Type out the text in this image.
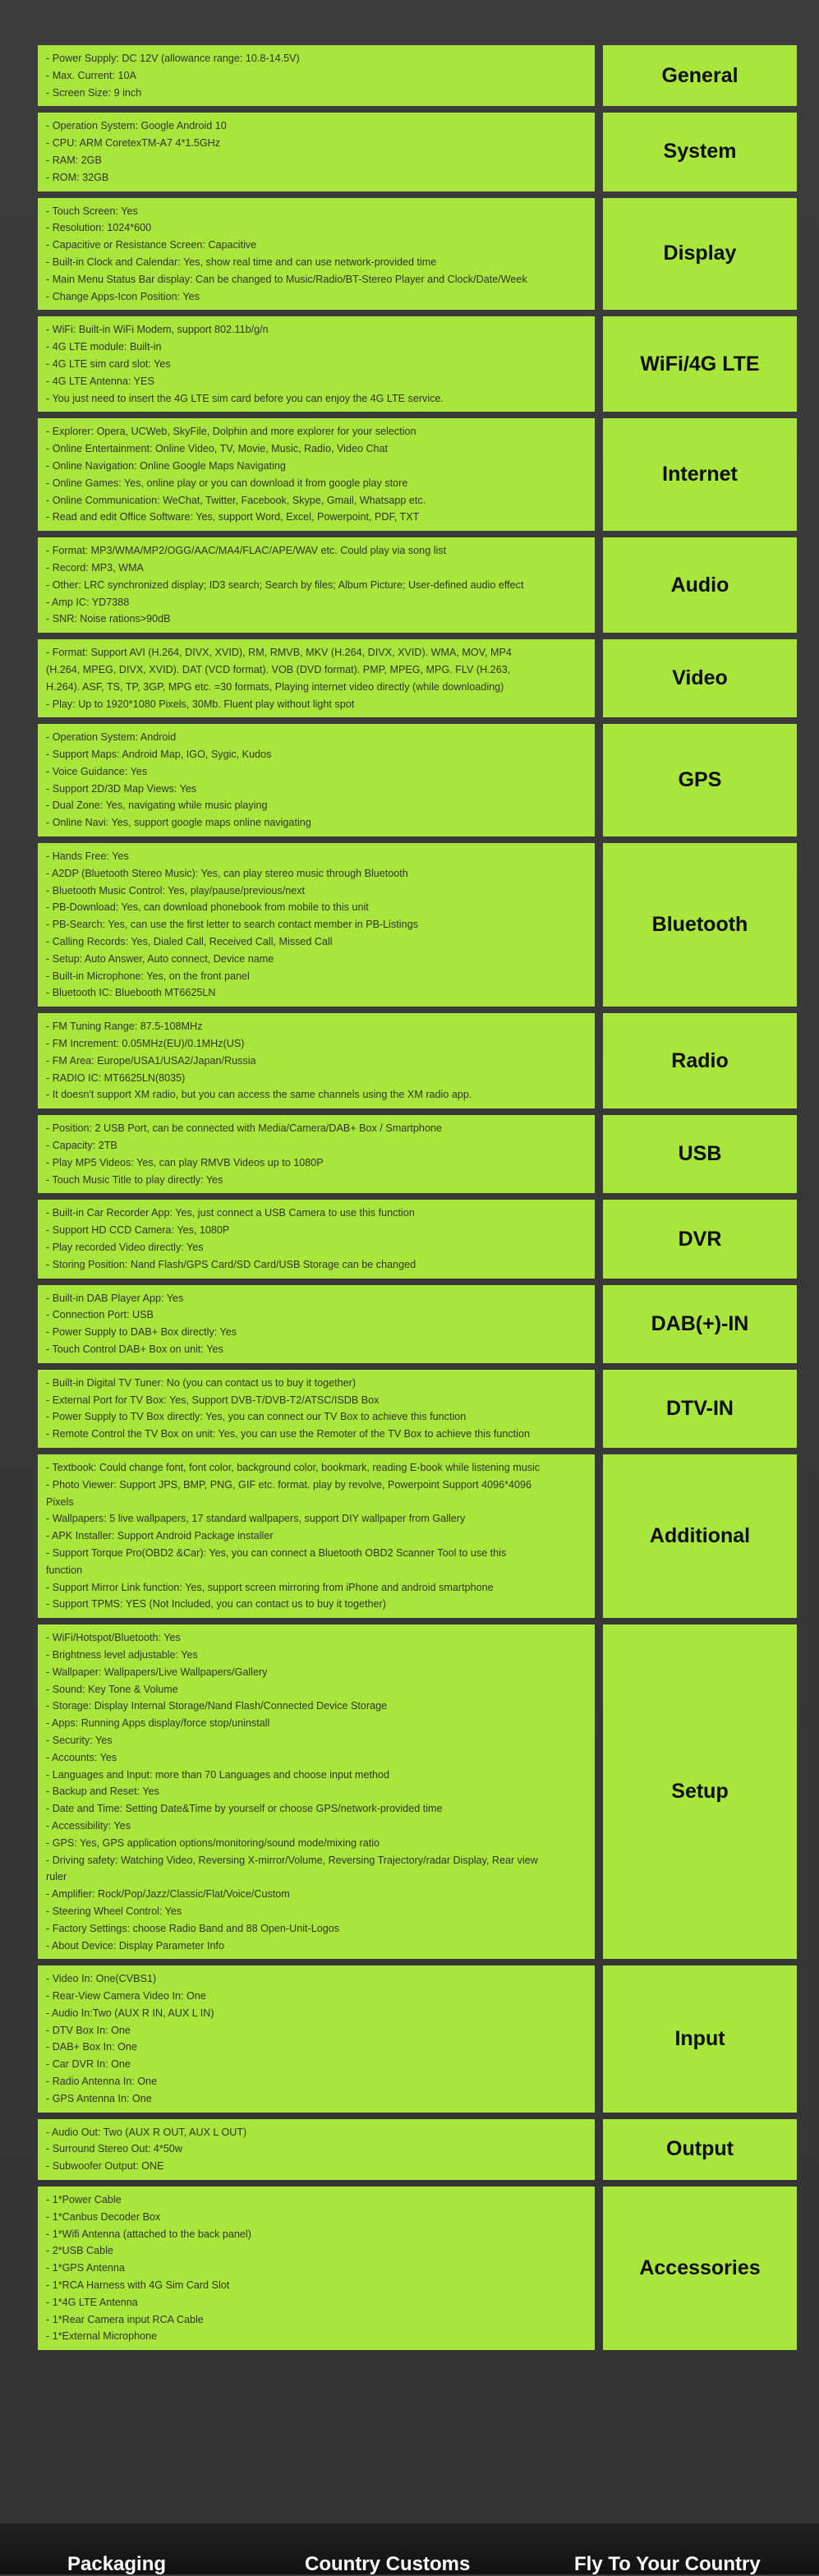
- Power Supply: DC 12V (allowance range: 10.8-14.5V)
- Max. Current: 10A
- Screen Size: 9 inch
General
- Operation System: Google Android 10
- CPU: ARM CoretexTM-A7 4*1.5GHz
- RAM: 2GB
- ROM: 32GB
System
- Touch Screen: Yes
- Resolution: 1024*600
- Capacitive or Resistance Screen: Capacitive
- Built-in Clock and Calendar: Yes, show real time and can use network-provided time
- Main Menu Status Bar display: Can be changed to Music/Radio/BT-Stereo Player and Clock/Date/Week
- Change Apps-Icon Position: Yes
Display
- WiFi: Built-in WiFi Modem, support 802.11b/g/n
- 4G LTE module: Built-in
- 4G LTE sim card slot: Yes
- 4G LTE Antenna: YES
- You just need to insert the 4G LTE sim card before you can enjoy the 4G LTE service.
WiFi/4G LTE
- Explorer: Opera, UCWeb, SkyFile, Dolphin and more explorer for your selection
- Online Entertainment: Online Video, TV, Movie, Music, Radio, Video Chat
- Online Navigation: Online Google Maps Navigating
- Online Games: Yes, online play or you can download it from google play store
- Online Communication: WeChat, Twitter, Facebook, Skype, Gmail, Whatsapp etc.
- Read and edit Office Software: Yes, support Word, Excel, Powerpoint, PDF, TXT
Internet
- Format: MP3/WMA/MP2/OGG/AAC/MA4/FLAC/APE/WAV etc. Could play via song list
- Record: MP3, WMA
- Other: LRC synchronized display; ID3 search; Search by files; Album Picture; User-defined audio effect
- Amp IC: YD7388
- SNR: Noise rations>90dB
Audio
- Format: Support AVI (H.264, DIVX, XVID), RM, RMVB, MKV (H.264, DIVX, XVID). WMA, MOV, MP4
(H.264, MPEG, DIVX, XVID). DAT (VCD format). VOB (DVD format). PMP, MPEG, MPG. FLV (H.263,
H.264). ASF, TS, TP, 3GP, MPG etc. =30 formats, Playing internet video directly (while downloading)
- Play: Up to 1920*1080 Pixels, 30Mb. Fluent play without light spot
Video
- Operation System: Android
- Support Maps: Android Map, IGO, Sygic, Kudos
- Voice Guidance: Yes
- Support 2D/3D Map Views: Yes
- Dual Zone: Yes, navigating while music playing
- Online Navi: Yes, support google maps online navigating
GPS
- Hands Free: Yes
- A2DP (Bluetooth Stereo Music): Yes, can play stereo music through Bluetooth
- Bluetooth Music Control: Yes, play/pause/previous/next
- PB-Download: Yes, can download phonebook from mobile to this unit
- PB-Search: Yes, can use the first letter to search contact member in PB-Listings
- Calling Records: Yes, Dialed Call, Received Call, Missed Call
- Setup: Auto Answer, Auto connect, Device name
- Built-in Microphone: Yes, on the front panel
- Bluetooth IC: Bluebooth MT6625LN
Bluetooth
- FM Tuning Range: 87.5-108MHz
- FM Increment: 0.05MHz(EU)/0.1MHz(US)
- FM Area: Europe/USA1/USA2/Japan/Russia
- RADIO IC: MT6625LN(8035)
- It doesn't support XM radio, but you can access the same channels using the XM radio app.
Radio
- Position: 2 USB Port, can be connected with Media/Camera/DAB+ Box / Smartphone
- Capacity: 2TB
- Play MP5 Videos: Yes, can play RMVB Videos up to 1080P
- Touch Music Title to play directly: Yes
USB
- Built-in Car Recorder App: Yes, just connect a USB Camera to use this function
- Support HD CCD Camera: Yes, 1080P
- Play recorded Video directly: Yes
- Storing Position: Nand Flash/GPS Card/SD Card/USB Storage can be changed
DVR
- Built-in DAB Player App: Yes
- Connection Port: USB
- Power Supply to DAB+ Box directly: Yes
- Touch Control DAB+ Box on unit: Yes
DAB(+)-IN
- Built-in Digital TV Tuner: No (you can contact us to buy it together)
- External Port for TV Box: Yes, Support DVB-T/DVB-T2/ATSC/ISDB Box
- Power Supply to TV Box directly: Yes, you can connect our TV Box to achieve this function
- Remote Control the TV Box on unit: Yes, you can use the Remoter of the TV Box to achieve this function
DTV-IN
- Textbook: Could change font, font color, background color, bookmark, reading E-book while listening music
- Photo Viewer: Support JPS, BMP, PNG, GIF etc. format. play by revolve, Powerpoint Support 4096*4096
Pixels
- Wallpapers: 5 live wallpapers, 17 standard wallpapers, support DIY wallpaper from Gallery
- APK Installer: Support Android Package installer
- Support Torque Pro(OBD2 &Car): Yes, you can connect a Bluetooth OBD2 Scanner Tool to use this
function
- Support Mirror Link function: Yes, support screen mirroring from iPhone and android smartphone
- Support TPMS: YES (Not Included, you can contact us to buy it together)
Additional
- WiFi/Hotspot/Bluetooth: Yes
- Brightness level adjustable: Yes
- Wallpaper: Wallpapers/Live Wallpapers/Gallery
- Sound: Key Tone & Volume
- Storage: Display Internal Storage/Nand Flash/Connected Device Storage
- Apps: Running Apps display/force stop/uninstall
- Security: Yes
- Accounts: Yes
- Languages and Input: more than 70 Languages and choose input method
- Backup and Reset: Yes
- Date and Time: Setting Date&Time by yourself or choose GPS/network-provided time
- Accessibility: Yes
- GPS: Yes, GPS application options/monitoring/sound mode/mixing ratio
- Driving safety: Watching Video, Reversing X-mirror/Volume, Reversing Trajectory/radar Display, Rear view
ruler
- Amplifier: Rock/Pop/Jazz/Classic/Flat/Voice/Custom
- Steering Wheel Control: Yes
- Factory Settings: choose Radio Band and 88 Open-Unit-Logos
- About Device: Display Parameter Info
Setup
- Video In: One(CVBS1)
- Rear-View Camera Video In: One
- Audio In:Two (AUX R IN, AUX L IN)
- DTV Box In: One
- DAB+ Box In: One
- Car DVR In: One
- Radio Antenna In: One
- GPS Antenna In: One
Input
- Audio Out: Two (AUX R OUT, AUX L OUT)
- Surround Stereo Out: 4*50w
- Subwoofer Output: ONE
Output
- 1*Power Cable
- 1*Canbus Decoder Box
- 1*Wifi Antenna (attached to the back panel)
- 2*USB Cable
- 1*GPS Antenna
- 1*RCA Harness with 4G Sim Card Slot
- 1*4G LTE Antenna
- 1*Rear Camera input RCA Cable
- 1*External Microphone
Accessories
Packaging	Country Customs	Fly To Your Country
